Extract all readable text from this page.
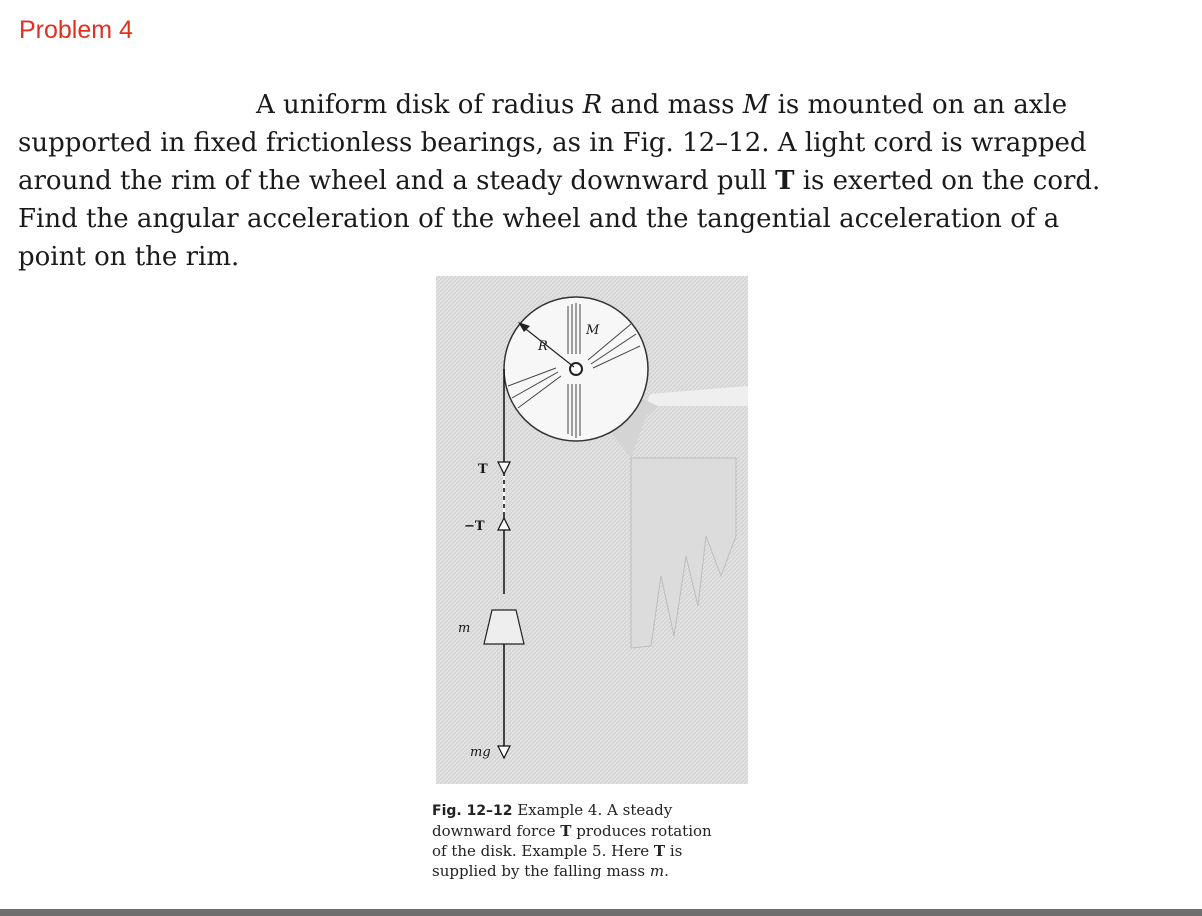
Problem 4

A uniform disk of radius R and mass M is mounted on an axle
supported in fixed frictionless bearings, as in Fig. 12–12. A light cord is wrapped
around the rim of the wheel and a steady downward pull T is exerted on the cord.
Find the angular acceleration of the wheel and the tangential acceleration of a
point on the rim.

R
M
T
−T
m
mg

Fig. 12–12 Example 4. A steady
downward force T produces rotation
of the disk. Example 5. Here T is
supplied by the falling mass m.
